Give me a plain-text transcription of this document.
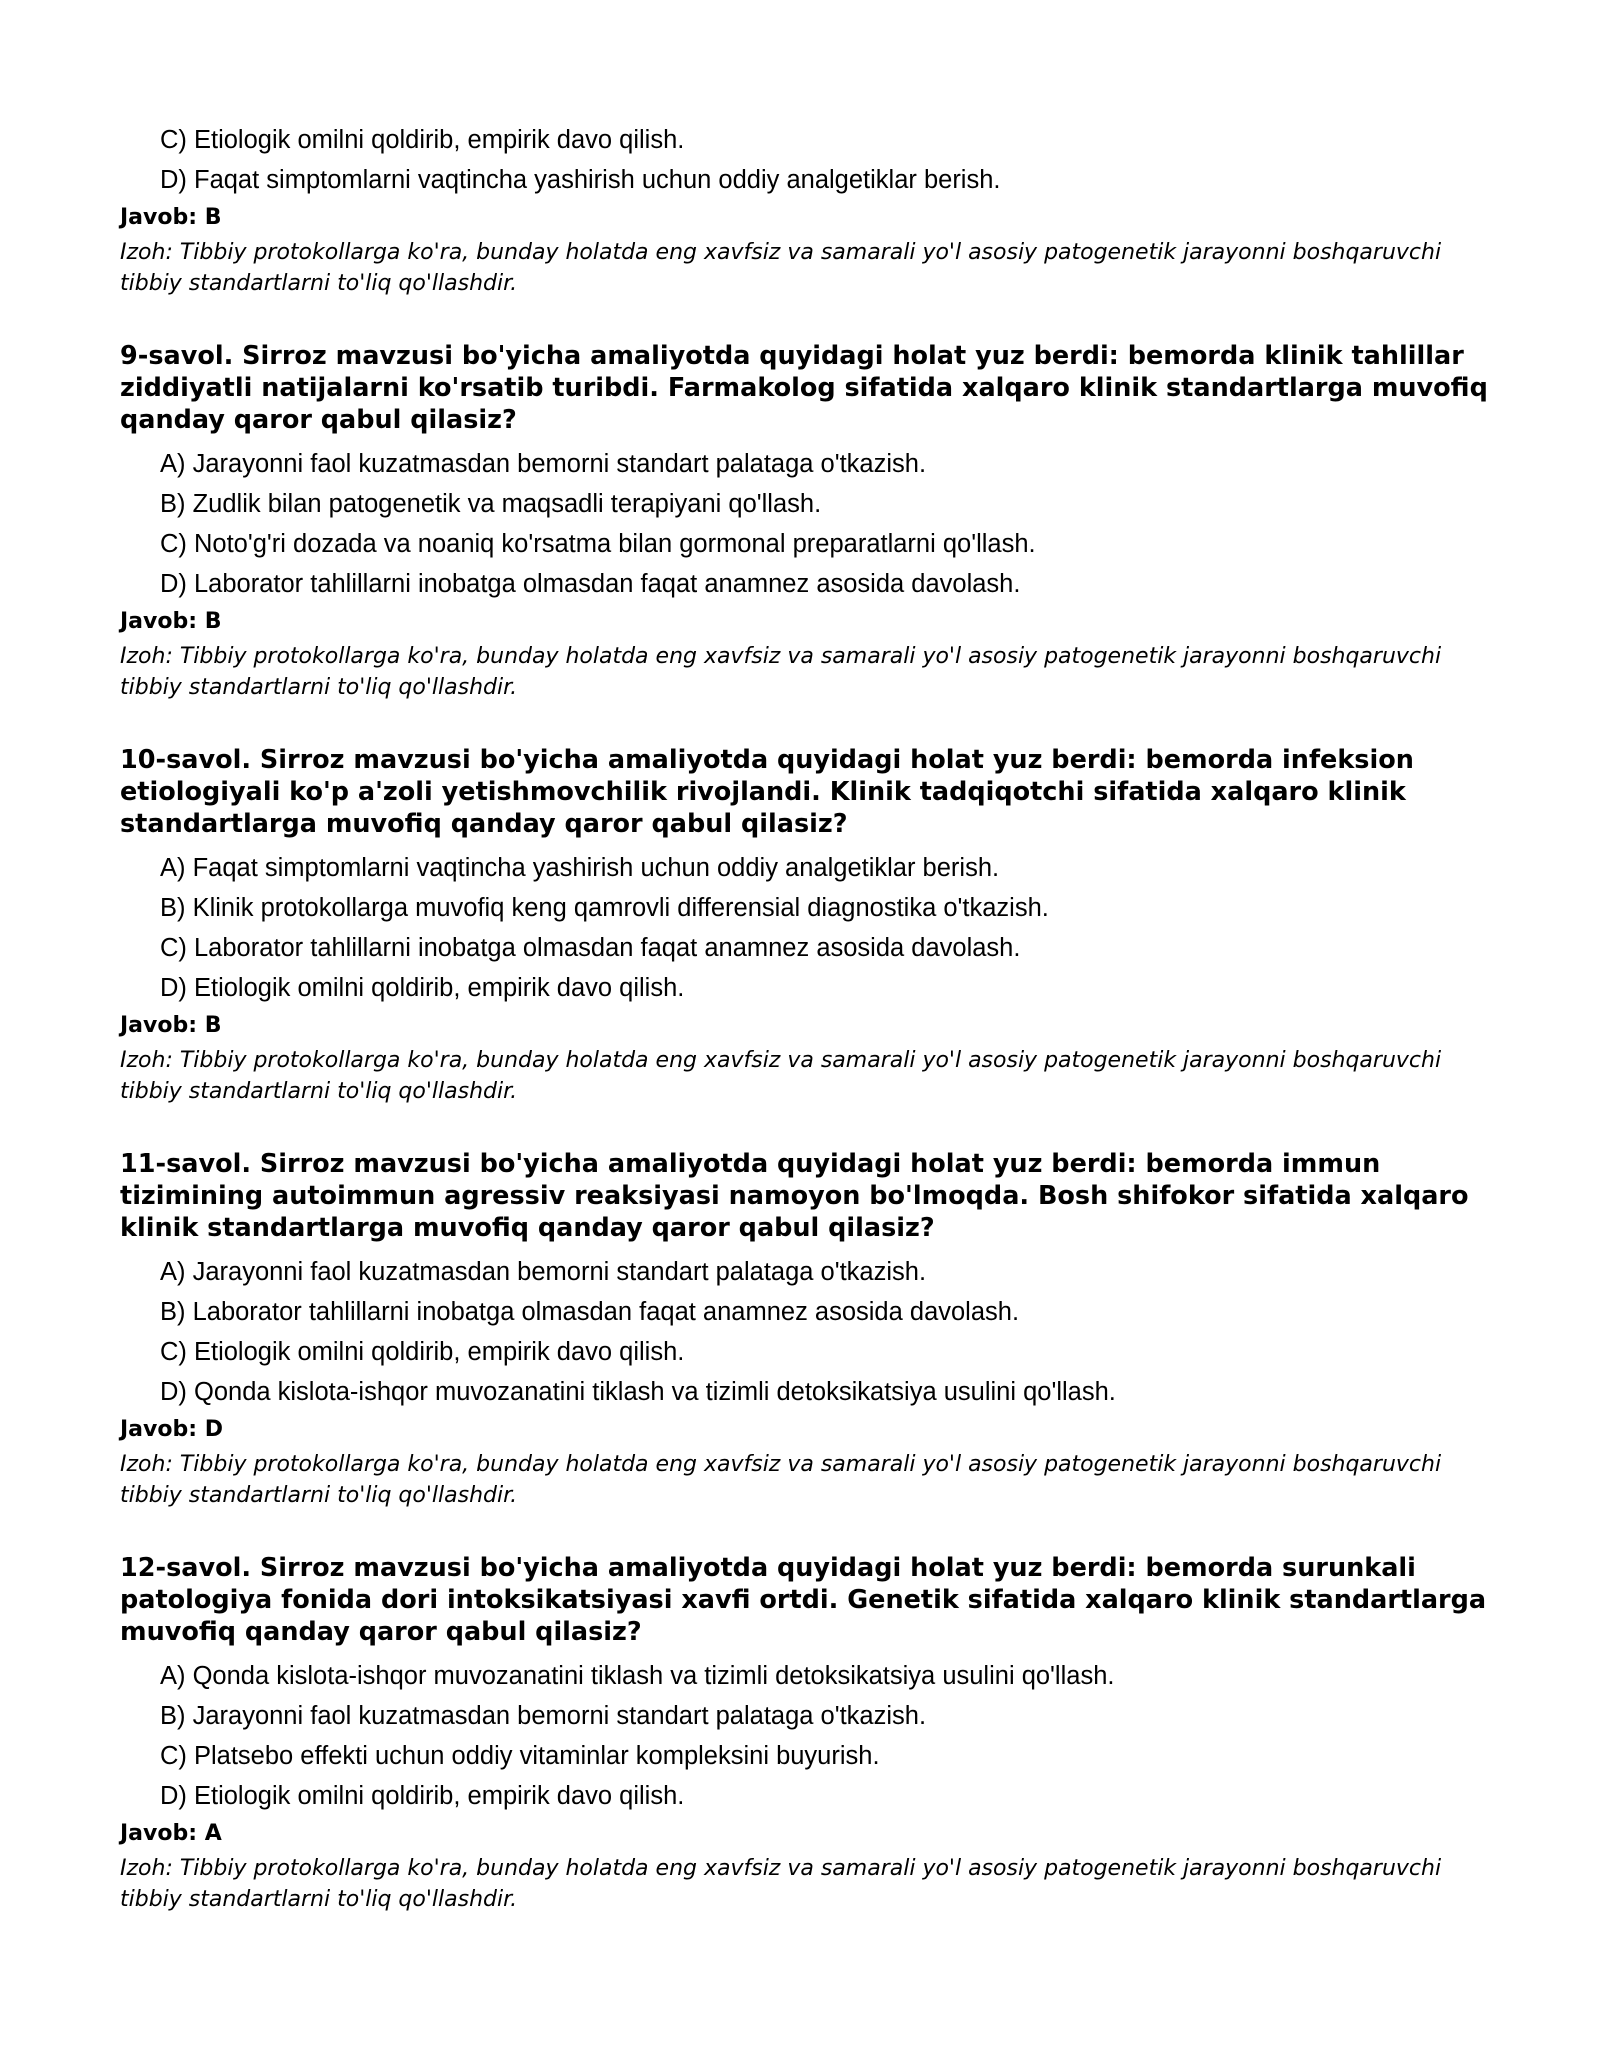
C) Etiologik omilni qoldirib, empirik davo qilish.

D) Faqat simptomlarni vaqtincha yashirish uchun oddiy analgetiklar berish.

Javob: B

Izoh: Tibbiy protokollarga ko'ra, bunday holatda eng xavfsiz va samarali yo'l asosiy patogenetik jarayonni boshqaruvchi tibbiy standartlarni to'liq qo'llashdir.

9-savol. Sirroz mavzusi bo'yicha amaliyotda quyidagi holat yuz berdi: bemorda klinik tahlillar ziddiyatli natijalarni ko'rsatib turibdi. Farmakolog sifatida xalqaro klinik standartlarga muvofiq qanday qaror qabul qilasiz?

A) Jarayonni faol kuzatmasdan bemorni standart palataga o'tkazish.

B) Zudlik bilan patogenetik va maqsadli terapiyani qo'llash.

C) Noto'g'ri dozada va noaniq ko'rsatma bilan gormonal preparatlarni qo'llash.

D) Laborator tahlillarni inobatga olmasdan faqat anamnez asosida davolash.

Javob: B

Izoh: Tibbiy protokollarga ko'ra, bunday holatda eng xavfsiz va samarali yo'l asosiy patogenetik jarayonni boshqaruvchi tibbiy standartlarni to'liq qo'llashdir.

10-savol. Sirroz mavzusi bo'yicha amaliyotda quyidagi holat yuz berdi: bemorda infeksion etiologiyali ko'p a'zoli yetishmovchilik rivojlandi. Klinik tadqiqotchi sifatida xalqaro klinik standartlarga muvofiq qanday qaror qabul qilasiz?

A) Faqat simptomlarni vaqtincha yashirish uchun oddiy analgetiklar berish.

B) Klinik protokollarga muvofiq keng qamrovli differensial diagnostika o'tkazish.

C) Laborator tahlillarni inobatga olmasdan faqat anamnez asosida davolash.

D) Etiologik omilni qoldirib, empirik davo qilish.

Javob: B

Izoh: Tibbiy protokollarga ko'ra, bunday holatda eng xavfsiz va samarali yo'l asosiy patogenetik jarayonni boshqaruvchi tibbiy standartlarni to'liq qo'llashdir.

11-savol. Sirroz mavzusi bo'yicha amaliyotda quyidagi holat yuz berdi: bemorda immun tizimining autoimmun agressiv reaksiyasi namoyon bo'lmoqda. Bosh shifokor sifatida xalqaro klinik standartlarga muvofiq qanday qaror qabul qilasiz?

A) Jarayonni faol kuzatmasdan bemorni standart palataga o'tkazish.

B) Laborator tahlillarni inobatga olmasdan faqat anamnez asosida davolash.

C) Etiologik omilni qoldirib, empirik davo qilish.

D) Qonda kislota-ishqor muvozanatini tiklash va tizimli detoksikatsiya usulini qo'llash.

Javob: D

Izoh: Tibbiy protokollarga ko'ra, bunday holatda eng xavfsiz va samarali yo'l asosiy patogenetik jarayonni boshqaruvchi tibbiy standartlarni to'liq qo'llashdir.

12-savol. Sirroz mavzusi bo'yicha amaliyotda quyidagi holat yuz berdi: bemorda surunkali patologiya fonida dori intoksikatsiyasi xavfi ortdi. Genetik sifatida xalqaro klinik standartlarga muvofiq qanday qaror qabul qilasiz?

A) Qonda kislota-ishqor muvozanatini tiklash va tizimli detoksikatsiya usulini qo'llash.

B) Jarayonni faol kuzatmasdan bemorni standart palataga o'tkazish.

C) Platsebo effekti uchun oddiy vitaminlar kompleksini buyurish.

D) Etiologik omilni qoldirib, empirik davo qilish.

Javob: A

Izoh: Tibbiy protokollarga ko'ra, bunday holatda eng xavfsiz va samarali yo'l asosiy patogenetik jarayonni boshqaruvchi tibbiy standartlarni to'liq qo'llashdir.
